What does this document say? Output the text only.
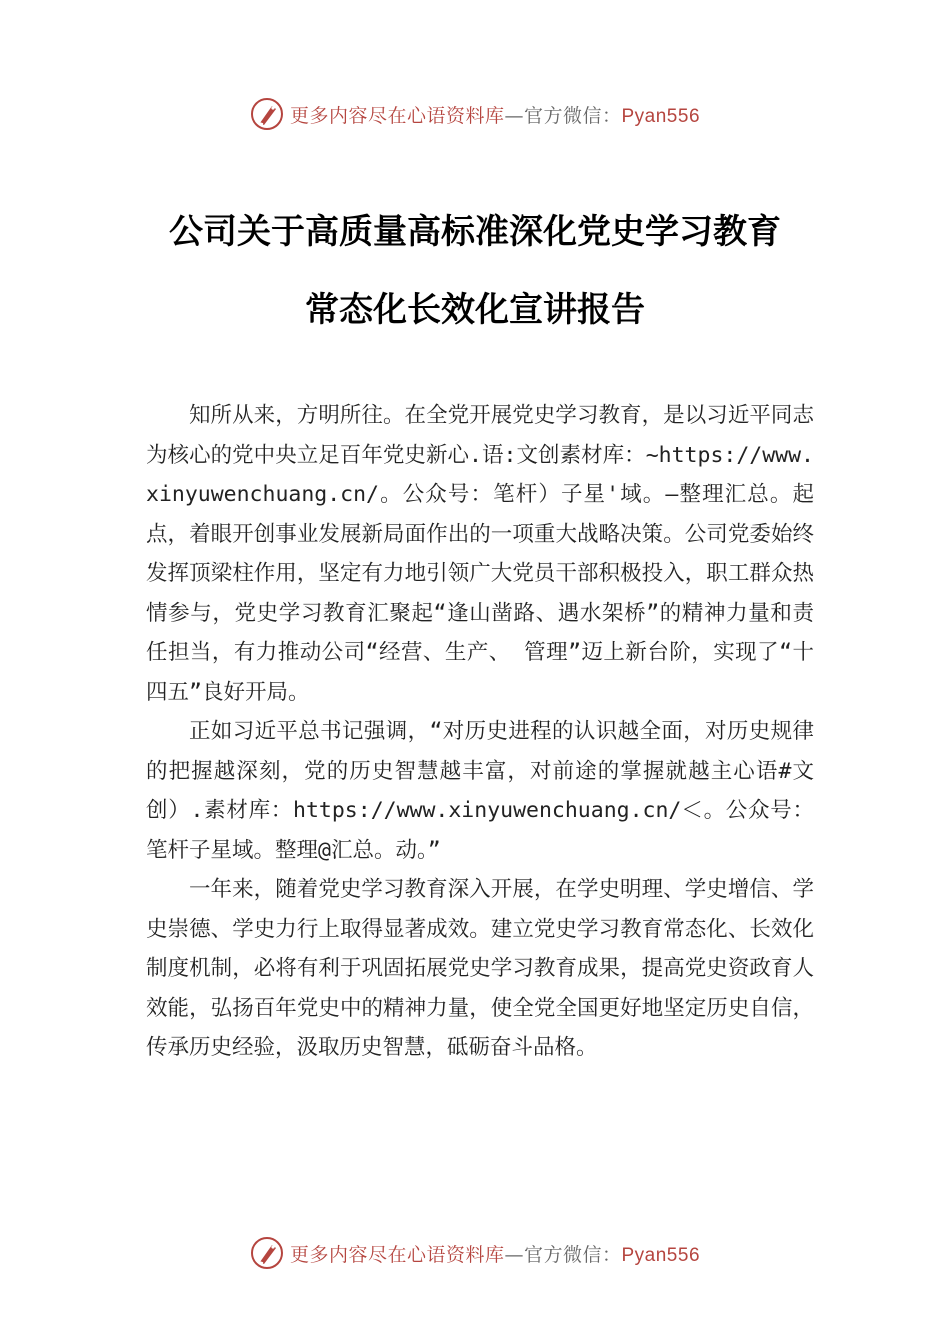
更多内容尽在心语资料库—官方微信：Pyan556
公司关于高质量高标准深化党史学习教育
常态化长效化宣讲报告

知所从来，方明所往。在全党开展党史学习教育，是以习近平同志为核心的党中央立足百年党史新心.语:文创素材库：~https://www.xinyuwenchuang.cn/。公众号：笔杆）子星'域。—整理汇总。起点，着眼开创事业发展新局面作出的一项重大战略决策。公司党委始终发挥顶梁柱作用，坚定有力地引领广大党员干部积极投入，职工群众热情参与，党史学习教育汇聚起“逢山凿路、遇水架桥”的精神力量和责任担当，有力推动公司“经营、生产、 管理”迈上新台阶，实现了“十四五”良好开局。

正如习近平总书记强调，“对历史进程的认识越全面，对历史规律的把握越深刻，党的历史智慧越丰富，对前途的掌握就越主心语#文创）.素材库：https://www.xinyuwenchuang.cn/＜。公众号：笔杆子星域。整理@汇总。动。”

一年来，随着党史学习教育深入开展，在学史明理、学史增信、学史崇德、学史力行上取得显著成效。建立党史学习教育常态化、长效化制度机制，必将有利于巩固拓展党史学习教育成果，提高党史资政育人效能，弘扬百年党史中的精神力量，使全党全国更好地坚定历史自信，传承历史经验，汲取历史智慧，砥砺奋斗品格。

更多内容尽在心语资料库—官方微信：Pyan556
